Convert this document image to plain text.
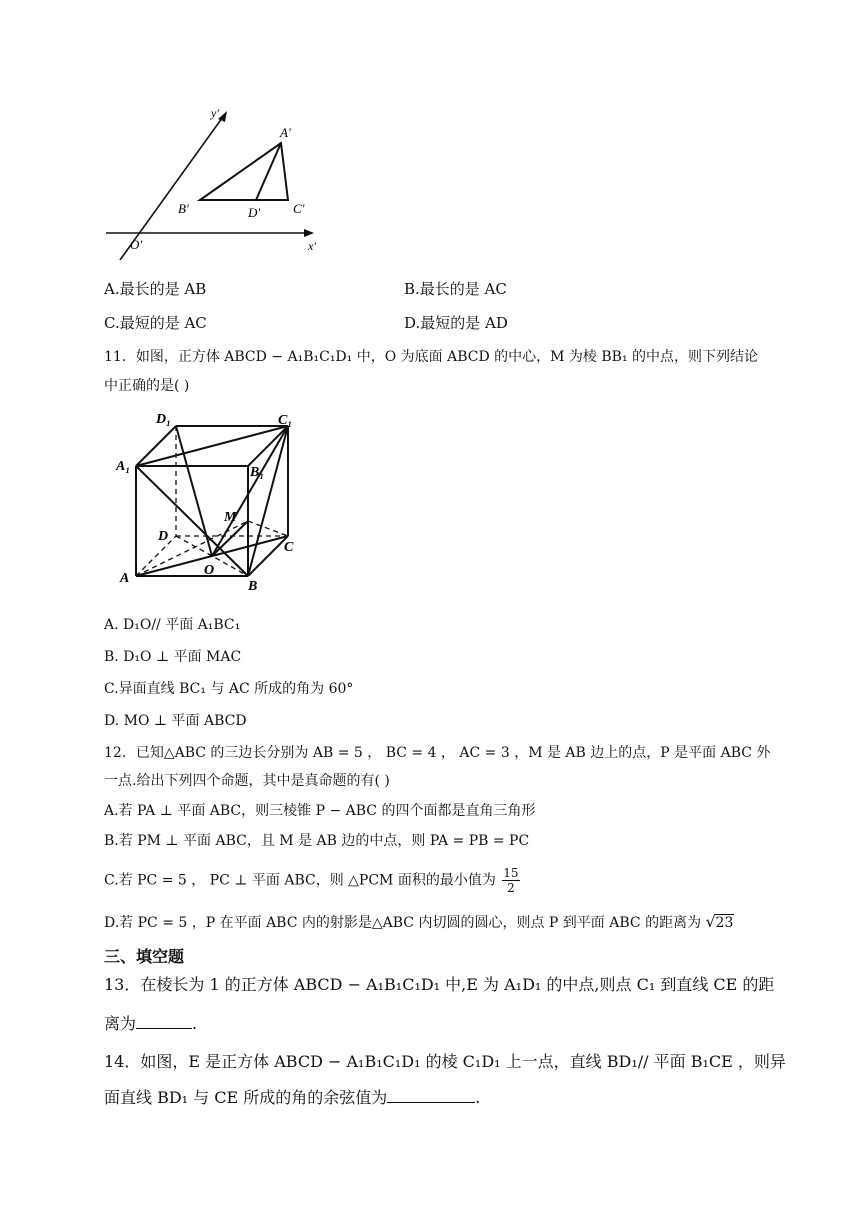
y'
x'
O'
A'
B'	C'
D'
A.最长的是 AB	B.最长的是 AC
C.最短的是 AC	D.最短的是 AD
11．如图，正方体 ABCD − A₁B₁C₁D₁ 中，O 为底面 ABCD 的中心，M 为棱 BB₁ 的中点，则下列结论
中正确的是( )
D₁	C₁
A₁	B₁
D
C
A
B
M
O
A. D₁O// 平面 A₁BC₁
B. D₁O ⊥ 平面 MAC
C.异面直线 BC₁ 与 AC 所成的角为 60°
D. MO ⊥ 平面 ABCD
12．已知△ABC 的三边长分别为 AB = 5 ， BC = 4 ， AC = 3 ，M 是 AB 边上的点，P 是平面 ABC 外
一点.给出下列四个命题，其中是真命题的有( )
A.若 PA ⊥ 平面 ABC，则三棱锥 P − ABC 的四个面都是直角三角形
B.若 PM ⊥ 平面 ABC，且 M 是 AB 边的中点，则 PA = PB = PC
C.若 PC = 5 ， PC ⊥ 平面 ABC，则 △PCM 面积的最小值为 $\frac{15}{2}$
D.若 PC = 5 ，P 在平面 ABC 内的射影是△ABC 内切圆的圆心，则点 P 到平面 ABC 的距离为 √ 23
三、填空题
13．在棱长为 1 的正方体 ABCD − A₁B₁C₁D₁ 中,E 为 A₁D₁ 的中点,则点 C₁ 到直线 CE 的距
离为	.
14．如图，E 是正方体 ABCD − A₁B₁C₁D₁ 的棱 C₁D₁ 上一点，直线 BD₁// 平面 B₁CE ，则异
面直线 BD₁ 与 CE 所成的角的余弦值为	.
